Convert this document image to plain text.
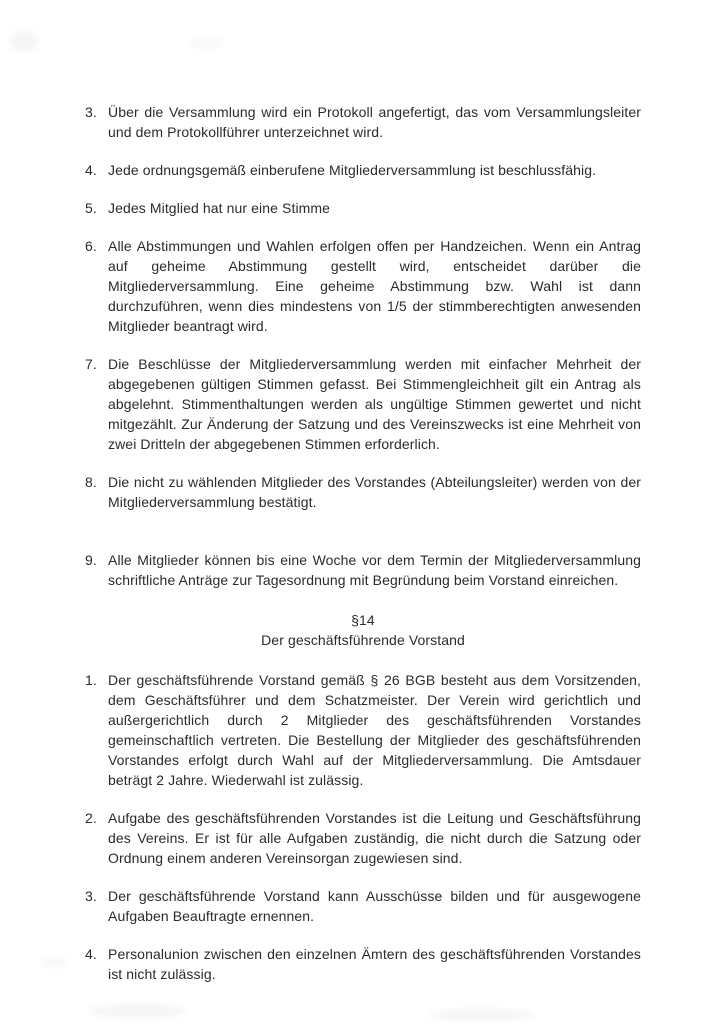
3. Über die Versammlung wird ein Protokoll angefertigt, das vom Versammlungsleiter und dem Protokollführer unterzeichnet wird.

4. Jede ordnungsgemäß einberufene Mitgliederversammlung ist beschlussfähig.

5. Jedes Mitglied hat nur eine Stimme

6. Alle Abstimmungen und Wahlen erfolgen offen per Handzeichen. Wenn ein Antrag auf geheime Abstimmung gestellt wird, entscheidet darüber die Mitgliederversammlung. Eine geheime Abstimmung bzw. Wahl ist dann durchzuführen, wenn dies mindestens von 1/5 der stimmberechtigten anwesenden Mitglieder beantragt wird.

7. Die Beschlüsse der Mitgliederversammlung werden mit einfacher Mehrheit der abgegebenen gültigen Stimmen gefasst. Bei Stimmengleichheit gilt ein Antrag als abgelehnt. Stimmenthaltungen werden als ungültige Stimmen gewertet und nicht mitgezählt. Zur Änderung der Satzung und des Vereinszwecks ist eine Mehrheit von zwei Dritteln der abgegebenen Stimmen erforderlich.

8. Die nicht zu wählenden Mitglieder des Vorstandes (Abteilungsleiter) werden von der Mitgliederversammlung bestätigt.

9. Alle Mitglieder können bis eine Woche vor dem Termin der Mitgliederversammlung schriftliche Anträge zur Tagesordnung mit Begründung beim Vorstand einreichen.

§14

Der geschäftsführende Vorstand

1. Der geschäftsführende Vorstand gemäß § 26 BGB besteht aus dem Vorsitzenden, dem Geschäftsführer und dem Schatzmeister. Der Verein wird gerichtlich und außergerichtlich durch 2 Mitglieder des geschäftsführenden Vorstandes gemeinschaftlich vertreten. Die Bestellung der Mitglieder des geschäftsführenden Vorstandes erfolgt durch Wahl auf der Mitgliederversammlung. Die Amtsdauer beträgt 2 Jahre. Wiederwahl ist zulässig.

2. Aufgabe des geschäftsführenden Vorstandes ist die Leitung und Geschäftsführung des Vereins. Er ist für alle Aufgaben zuständig, die nicht durch die Satzung oder Ordnung einem anderen Vereinsorgan zugewiesen sind.

3. Der geschäftsführende Vorstand kann Ausschüsse bilden und für ausgewogene Aufgaben Beauftragte ernennen.

4. Personalunion zwischen den einzelnen Ämtern des geschäftsführenden Vorstandes ist nicht zulässig.
